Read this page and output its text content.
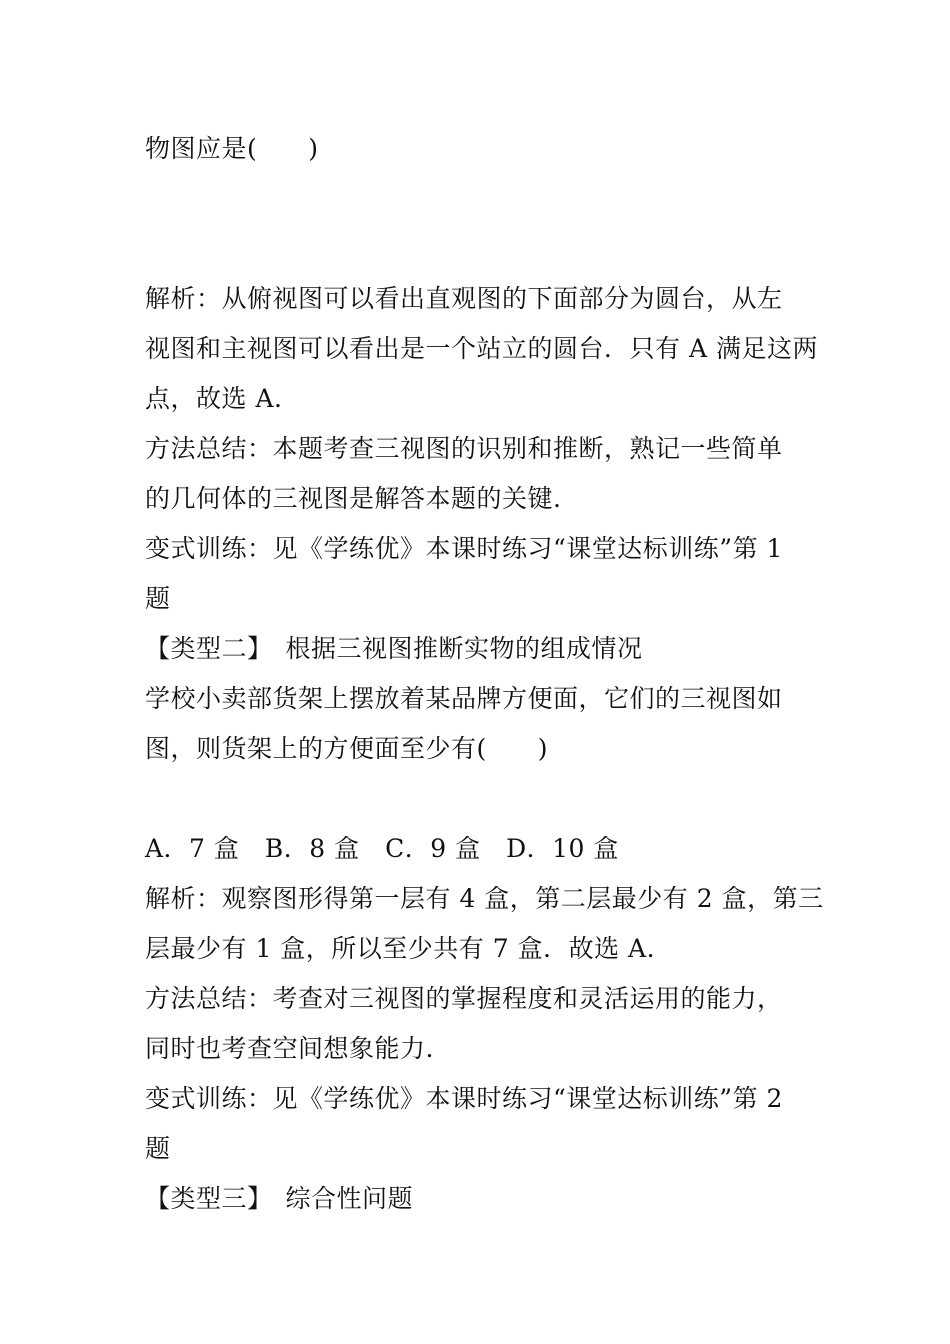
物图应是(　　)
解析：从俯视图可以看出直观图的下面部分为圆台，从左
视图和主视图可以看出是一个站立的圆台．只有 A 满足这两
点，故选 A.
方法总结：本题考查三视图的识别和推断，熟记一些简单
的几何体的三视图是解答本题的关键.
变式训练：见《学练优》本课时练习“课堂达标训练”第 1
题
【类型二】　根据三视图推断实物的组成情况
学校小卖部货架上摆放着某品牌方便面，它们的三视图如
图，则货架上的方便面至少有(　　)
A．7 盒　B．8 盒　C．9 盒　D．10 盒
解析：观察图形得第一层有 4 盒，第二层最少有 2 盒，第三
层最少有 1 盒，所以至少共有 7 盒．故选 A.
方法总结：考查对三视图的掌握程度和灵活运用的能力，
同时也考查空间想象能力.
变式训练：见《学练优》本课时练习“课堂达标训练”第 2
题
【类型三】　综合性问题
